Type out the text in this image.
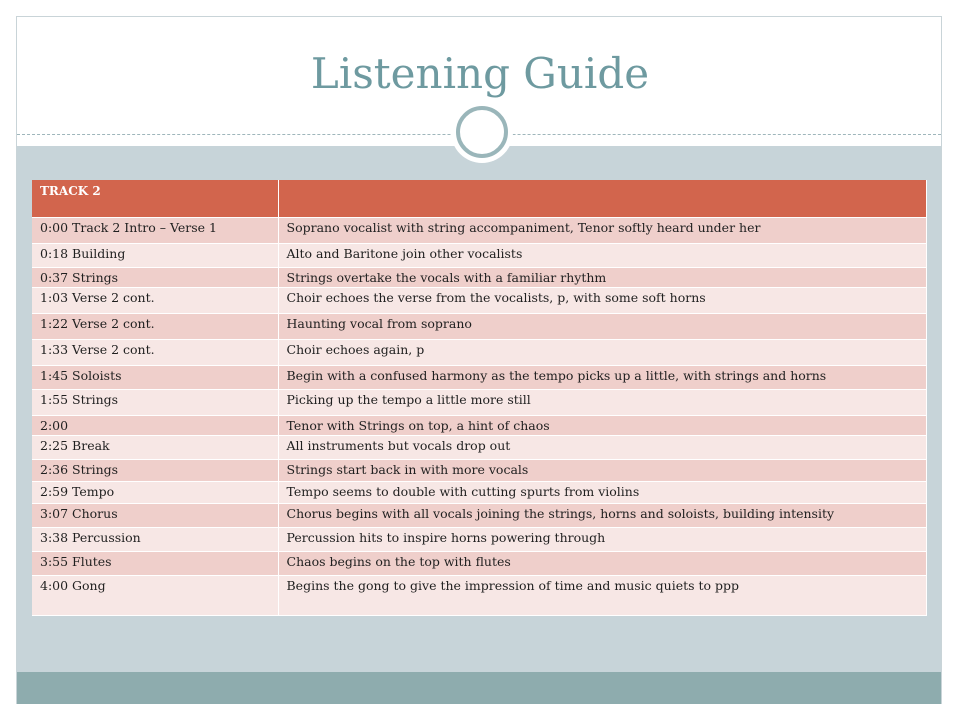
Listening Guide
TRACK 2	
0:00 Track 2 Intro – Verse 1	Soprano vocalist with string accompaniment, Tenor softly heard under her
0:18 Building	Alto and Baritone join other vocalists
0:37 Strings	Strings overtake the vocals with a familiar rhythm
1:03 Verse 2 cont.	Choir echoes the verse from the vocalists, p, with some soft horns
1:22 Verse 2 cont.	Haunting vocal from soprano
1:33 Verse 2 cont.	Choir echoes again, p
1:45 Soloists	Begin with a confused harmony as the tempo picks up a little, with strings and horns
1:55 Strings	Picking up the tempo a little more still
2:00	Tenor with Strings on top, a hint of chaos
2:25 Break	All instruments but vocals drop out
2:36 Strings	Strings start back in with more vocals
2:59 Tempo	Tempo seems to double with cutting spurts from violins
3:07 Chorus	Chorus begins with all vocals joining the strings, horns and soloists, building intensity
3:38 Percussion	Percussion hits to inspire horns powering through
3:55 Flutes	Chaos begins on the top with flutes
4:00 Gong	Begins the gong to give the impression of time and music quiets to ppp
